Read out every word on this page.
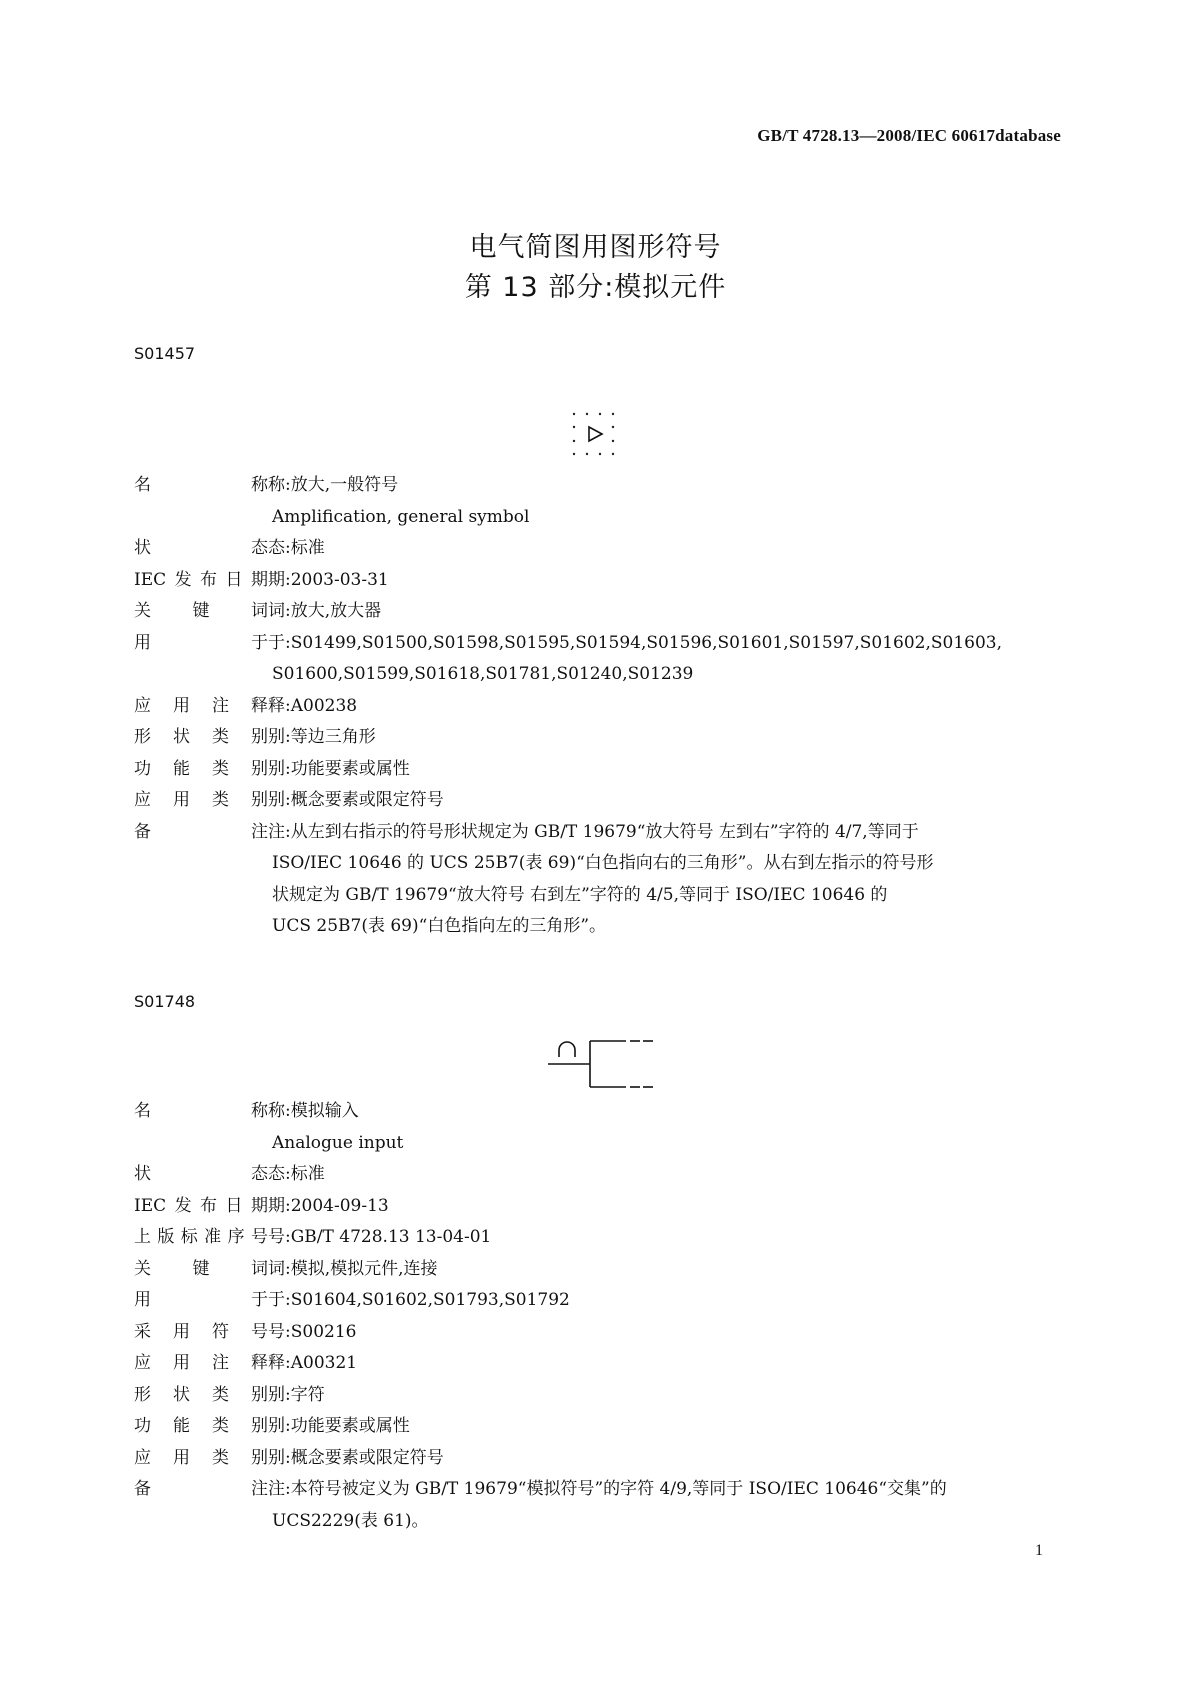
GB/T 4728.13—2008/IEC 60617database
电气简图用图形符号
第 13 部分:模拟元件
S01457
名	称 称:放大,一般符号
Amplification, general symbol
状	态 态:标准
IEC 发 布 日 期 期:2003-03-31
关 键 词 词:放大,放大器
用	于 于:S01499,S01500,S01598,S01595,S01594,S01596,S01601,S01597,S01602,S01603,
S01600,S01599,S01618,S01781,S01240,S01239
应 用 注 释 释:A00238
形 状 类 别 别:等边三角形
功 能 类 别 别:功能要素或属性
应 用 类 别 别:概念要素或限定符号
备	注 注:从左到右指示的符号形状规定为 GB/T 19679“放大符号 左到右”字符的 4/7,等同于
ISO/IEC 10646 的 UCS 25B7(表 69)“白色指向右的三角形”。从右到左指示的符号形
状规定为 GB/T 19679“放大符号 右到左”字符的 4/5,等同于 ISO/IEC 10646 的
UCS 25B7(表 69)“白色指向左的三角形”。
S01748
名	称 称:模拟输入
Analogue input
状	态 态:标准
IEC 发 布 日 期 期:2004-09-13
上 版 标 准 序 号 号:GB/T 4728.13 13-04-01
关 键 词 词:模拟,模拟元件,连接
用	于 于:S01604,S01602,S01793,S01792
采 用 符 号 号:S00216
应 用 注 释 释:A00321
形 状 类 别 别:字符
功 能 类 别 别:功能要素或属性
应 用 类 别 别:概念要素或限定符号
备	注 注:本符号被定义为 GB/T 19679“模拟符号”的字符 4/9,等同于 ISO/IEC 10646“交集”的
UCS2229(表 61)。
1
